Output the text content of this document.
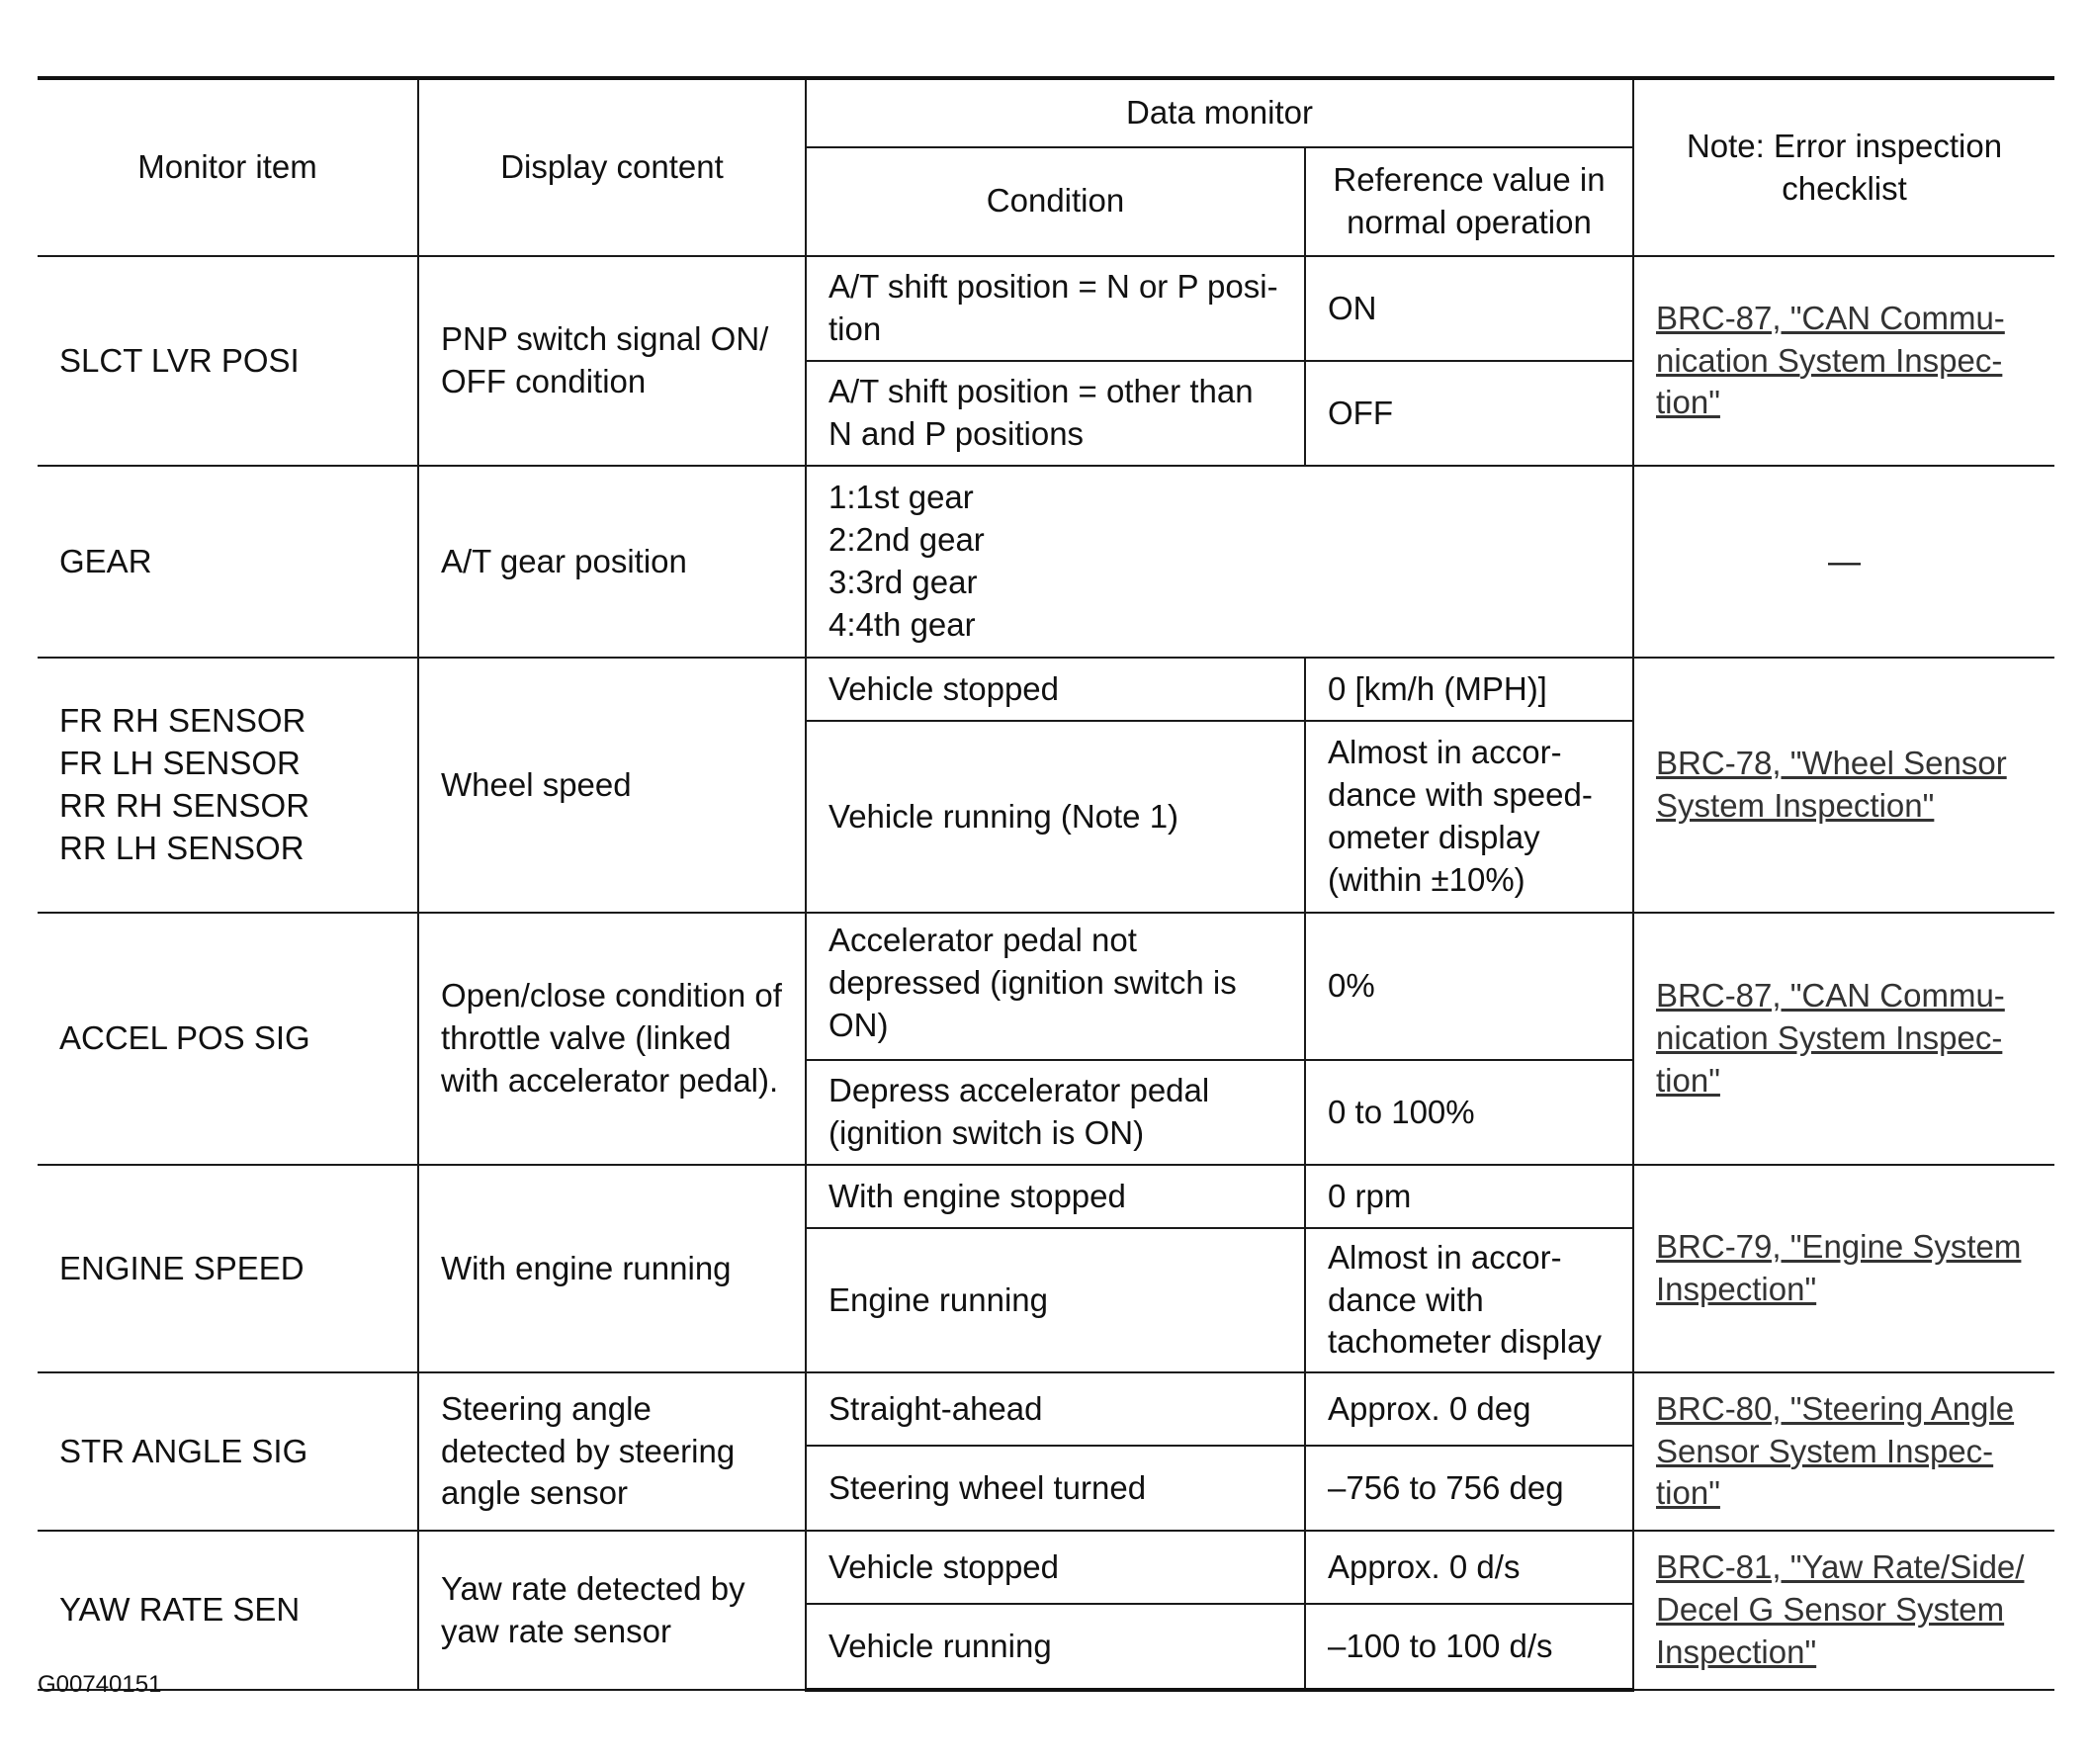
Monitor item	Display content	Data monitor		Note: Error inspection checklist
		Condition	Reference value in normal operation	
SLCT LVR POSI	PNP switch signal ON/ OFF condition	A/T shift position = N or P posi- tion	ON	BRC-87, "CAN Commu- nication System Inspec- tion"
		A/T shift position = other than N and P positions	OFF	
GEAR	A/T gear position	1:1st gear
2:2nd gear
3:3rd gear
4:4th gear		—

FR RH SENSOR
FR LH SENSOR
RR RH SENSOR
RR LH SENSOR	Wheel speed	Vehicle stopped	0 [km/h (MPH)]	BRC-78, "Wheel Sensor System Inspection"
		Vehicle running (Note 1)	Almost in accor- dance with speed- ometer display (within ±10%)	
ACCEL POS SIG	Open/close condition of throttle valve (linked with accelerator pedal).	Accelerator pedal not depressed (ignition switch is ON)	0%	BRC-87, "CAN Commu- nication System Inspec- tion"
		Depress accelerator pedal (ignition switch is ON)	0 to 100%	
ENGINE SPEED	With engine running	With engine stopped	0 rpm	BRC-79, "Engine System Inspection"
		Engine running	Almost in accor- dance with tachometer display	
STR ANGLE SIG	Steering angle detected by steering angle sensor	Straight-ahead	Approx. 0 deg	BRC-80, "Steering Angle Sensor System Inspec- tion"
		Steering wheel turned	–756 to 756 deg	
YAW RATE SEN	Yaw rate detected by yaw rate sensor	Vehicle stopped	Approx. 0 d/s	BRC-81, "Yaw Rate/Side/ Decel G Sensor System Inspection"
		Vehicle running	–100 to 100 d/s	
G00740151
